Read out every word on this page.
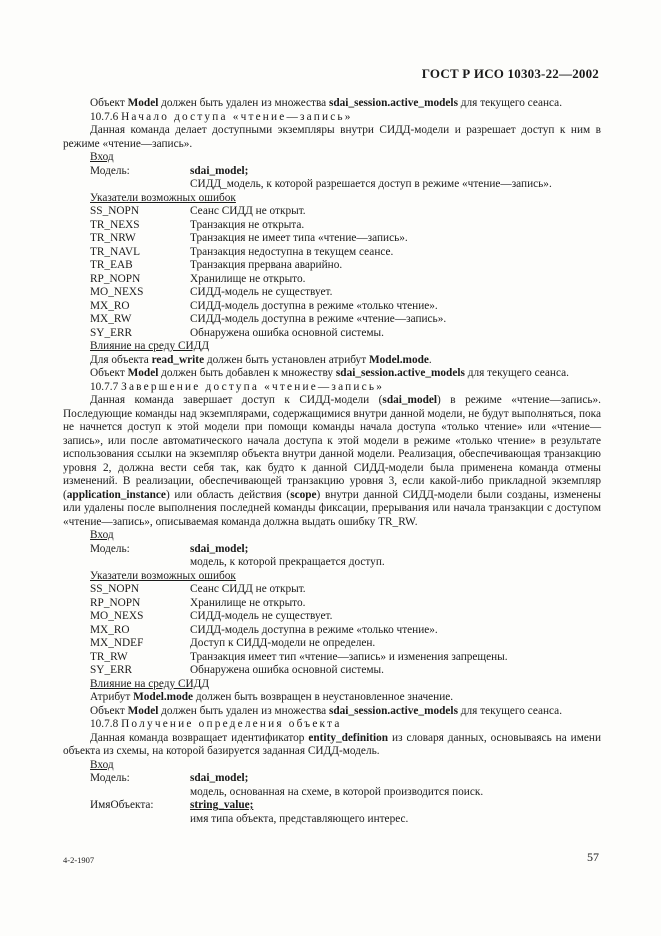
ГОСТ Р ИСО 10303-22—2002

Объект Model должен быть удален из множества sdai_session.active_models для текущего сеанса.

10.7.6 Начало доступа «чтение—запись»

Данная команда делает доступными экземпляры внутри СИДД-модели и разрешает доступ к ним в режиме «чтение—запись».

Вход

Модель:	sdai_model;
СИДД_модель, к которой разрешается доступ в режиме «чтение—запись».

Указатели возможных ошибок

SS_NOPN	Сеанс СИДД не открыт.
TR_NEXS	Транзакция не открыта.
TR_NRW	Транзакция не имеет типа «чтение—запись».
TR_NAVL	Транзакция недоступна в текущем сеансе.
TR_EAB	Транзакция прервана аварийно.
RP_NOPN	Хранилище не открыто.
MO_NEXS	СИДД-модель не существует.
MX_RO	СИДД-модель доступна в режиме «только чтение».
MX_RW	СИДД-модель доступна в режиме «чтение—запись».
SY_ERR	Обнаружена ошибка основной системы.

Влияние на среду СИДД

Для объекта read_write должен быть установлен атрибут Model.mode.

Объект Model должен быть добавлен к множеству sdai_session.active_models для текущего сеанса.

10.7.7 Завершение доступа «чтение—запись»

Данная команда завершает доступ к СИДД-модели (sdai_model) в режиме «чтение—запись». Последующие команды над экземплярами, содержащимися внутри данной модели, не будут выполняться, пока не начнется доступ к этой модели при помощи команды начала доступа «только чтение» или «чтение—запись», или после автоматического начала доступа к этой модели в режиме «только чтение» в результате использования ссылки на экземпляр объекта внутри данной модели. Реализация, обеспечивающая транзакцию уровня 2, должна вести себя так, как будто к данной СИДД-модели была применена команда отмены изменений. В реализации, обеспечивающей транзакцию уровня 3, если какой-либо прикладной экземпляр (application_instance) или область действия (scope) внутри данной СИДД-модели были созданы, изменены или удалены после выполнения последней команды фиксации, прерывания или начала транзакции с доступом «чтение—запись», описываемая команда должна выдать ошибку TR_RW.

Вход

Модель:	sdai_model;
модель, к которой прекращается доступ.

Указатели возможных ошибок

SS_NOPN	Сеанс СИДД не открыт.
RP_NOPN	Хранилище не открыто.
MO_NEXS	СИДД-модель не существует.
MX_RO	СИДД-модель доступна в режиме «только чтение».
MX_NDEF	Доступ к СИДД-модели не определен.
TR_RW	Транзакция имеет тип «чтение—запись» и изменения запрещены.
SY_ERR	Обнаружена ошибка основной системы.

Влияние на среду СИДД

Атрибут Model.mode должен быть возвращен в неустановленное значение.

Объект Model должен быть удален из множества sdai_session.active_models для текущего сеанса.

10.7.8 Получение определения объекта

Данная команда возвращает идентификатор entity_definition из словаря данных, основываясь на имени объекта из схемы, на которой базируется заданная СИДД-модель.

Вход

Модель:	sdai_model;
модель, основанная на схеме, в которой производится поиск.
ИмяОбъекта:	string_value;
имя типа объекта, представляющего интерес.
4-2-1907	57
